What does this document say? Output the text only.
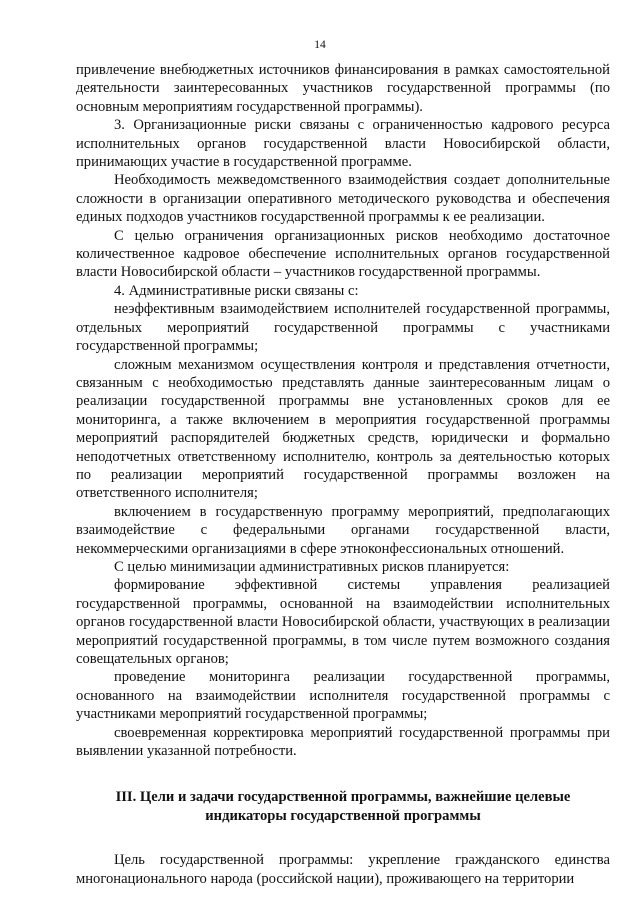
14

привлечение внебюджетных источников финансирования в рамках самостоятельной деятельности заинтересованных участников государственной программы (по основным мероприятиям государственной программы).

3. Организационные риски связаны с ограниченностью кадрового ресурса исполнительных органов государственной власти Новосибирской области, принимающих участие в государственной программе.

Необходимость межведомственного взаимодействия создает дополнительные сложности в организации оперативного методического руководства и обеспечения единых подходов участников государственной программы к ее реализации.

С целью ограничения организационных рисков необходимо достаточное количественное кадровое обеспечение исполнительных органов государственной власти Новосибирской области – участников государственной программы.

4. Административные риски связаны с:

неэффективным взаимодействием исполнителей государственной программы, отдельных мероприятий государственной программы с участниками государственной программы;

сложным механизмом осуществления контроля и представления отчетности, связанным с необходимостью представлять данные заинтересованным лицам о реализации государственной программы вне установленных сроков для ее мониторинга, а также включением в мероприятия государственной программы мероприятий распорядителей бюджетных средств, юридически и формально неподотчетных ответственному исполнителю, контроль за деятельностью которых по реализации мероприятий государственной программы возложен на ответственного исполнителя;

включением в государственную программу мероприятий, предполагающих взаимодействие с федеральными органами государственной власти, некоммерческими организациями в сфере этноконфессиональных отношений.

С целью минимизации административных рисков планируется:

формирование эффективной системы управления реализацией государственной программы, основанной на взаимодействии исполнительных органов государственной власти Новосибирской области, участвующих в реализации мероприятий государственной программы, в том числе путем возможного создания совещательных органов;

проведение мониторинга реализации государственной программы, основанного на взаимодействии исполнителя государственной программы с участниками мероприятий государственной программы;

своевременная корректировка мероприятий государственной программы при выявлении указанной потребности.

III. Цели и задачи государственной программы, важнейшие целевые
индикаторы государственной программы

Цель государственной программы: укрепление гражданского единства многонационального народа (российской нации), проживающего на территории
